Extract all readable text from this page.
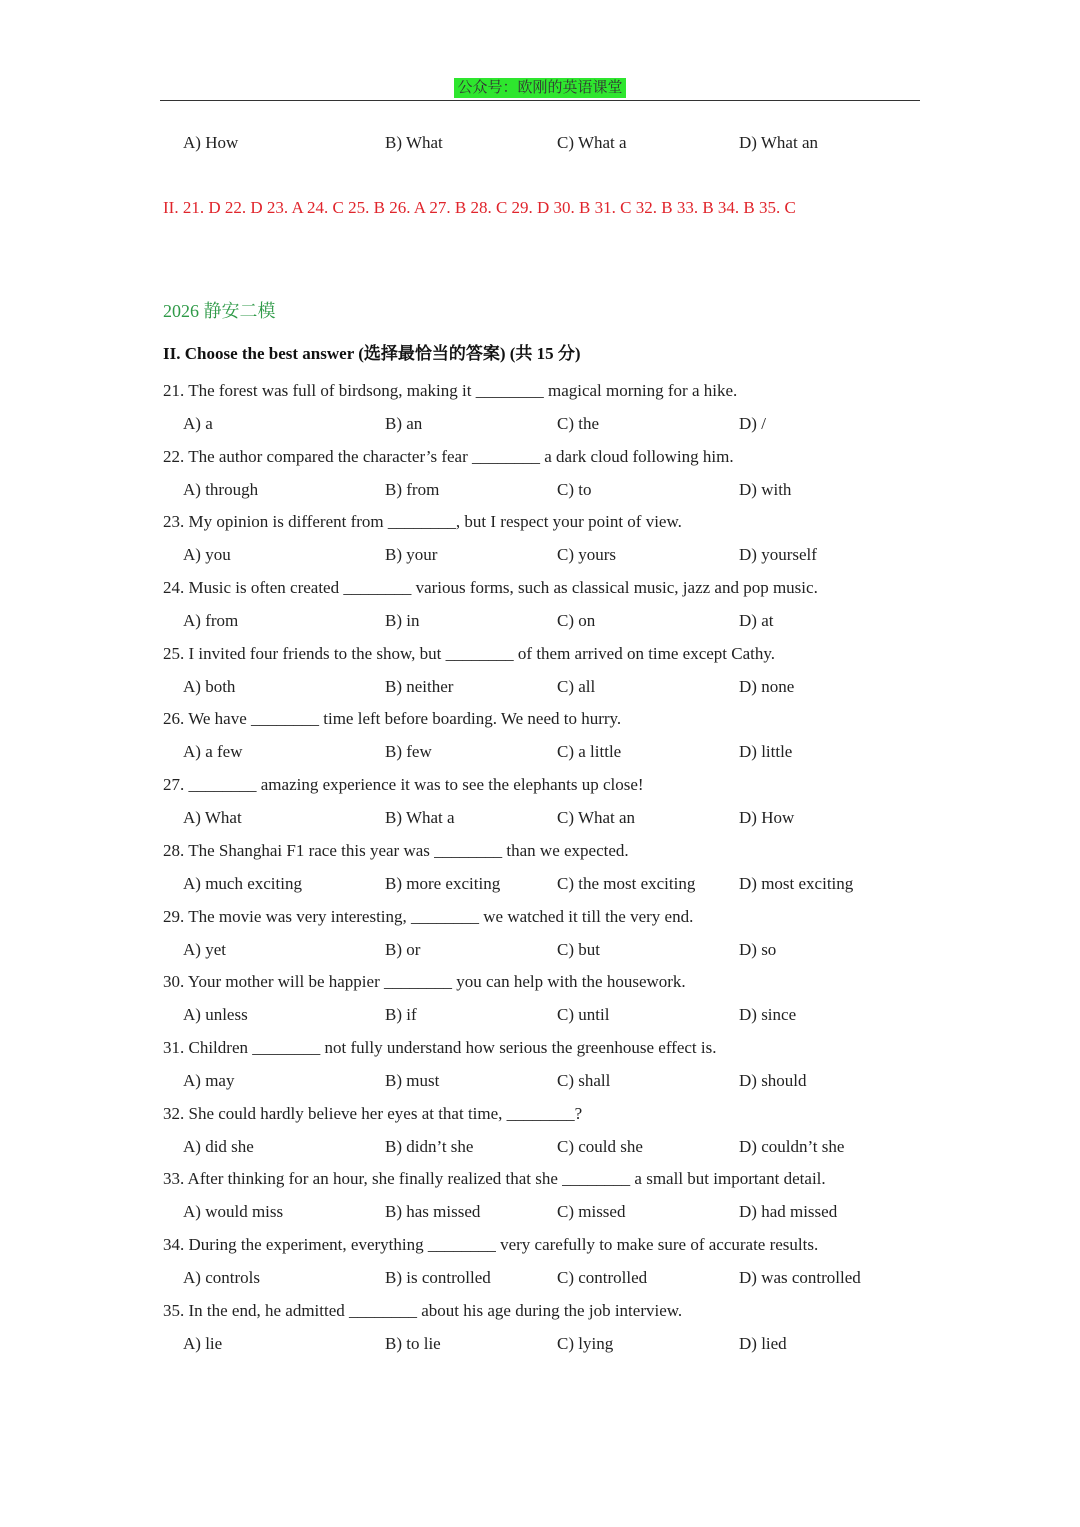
公众号：欧刚的英语课堂
A) How	B) What	C) What a	D) What an
II. 21. D 22. D 23. A 24. C 25. B 26. A 27. B 28. C 29. D 30. B 31. C 32. B 33. B 34. B 35. C
2026 静安二模
II. Choose the best answer (选择最恰当的答案) (共 15 分)
21. The forest was full of birdsong, making it ________ magical morning for a hike.
A) a	B) an	C) the	D) /
22. The author compared the character’s fear ________ a dark cloud following him.
A) through	B) from	C) to	D) with
23. My opinion is different from ________, but I respect your point of view.
A) you	B) your	C) yours	D) yourself
24. Music is often created ________ various forms, such as classical music, jazz and pop music.
A) from	B) in	C) on	D) at
25. I invited four friends to the show, but ________ of them arrived on time except Cathy.
A) both	B) neither	C) all	D) none
26. We have ________ time left before boarding. We need to hurry.
A) a few	B) few	C) a little	D) little
27. ________ amazing experience it was to see the elephants up close!
A) What	B) What a	C) What an	D) How
28. The Shanghai F1 race this year was ________ than we expected.
A) much exciting	B) more exciting	C) the most exciting	D) most exciting
29. The movie was very interesting, ________ we watched it till the very end.
A) yet	B) or	C) but	D) so
30. Your mother will be happier ________ you can help with the housework.
A) unless	B) if	C) until	D) since
31. Children ________ not fully understand how serious the greenhouse effect is.
A) may	B) must	C) shall	D) should
32. She could hardly believe her eyes at that time, ________?
A) did she	B) didn’t she	C) could she	D) couldn’t she
33. After thinking for an hour, she finally realized that she ________ a small but important detail.
A) would miss	B) has missed	C) missed	D) had missed
34. During the experiment, everything ________ very carefully to make sure of accurate results.
A) controls	B) is controlled	C) controlled	D) was controlled
35. In the end, he admitted ________ about his age during the job interview.
A) lie	B) to lie	C) lying	D) lied
